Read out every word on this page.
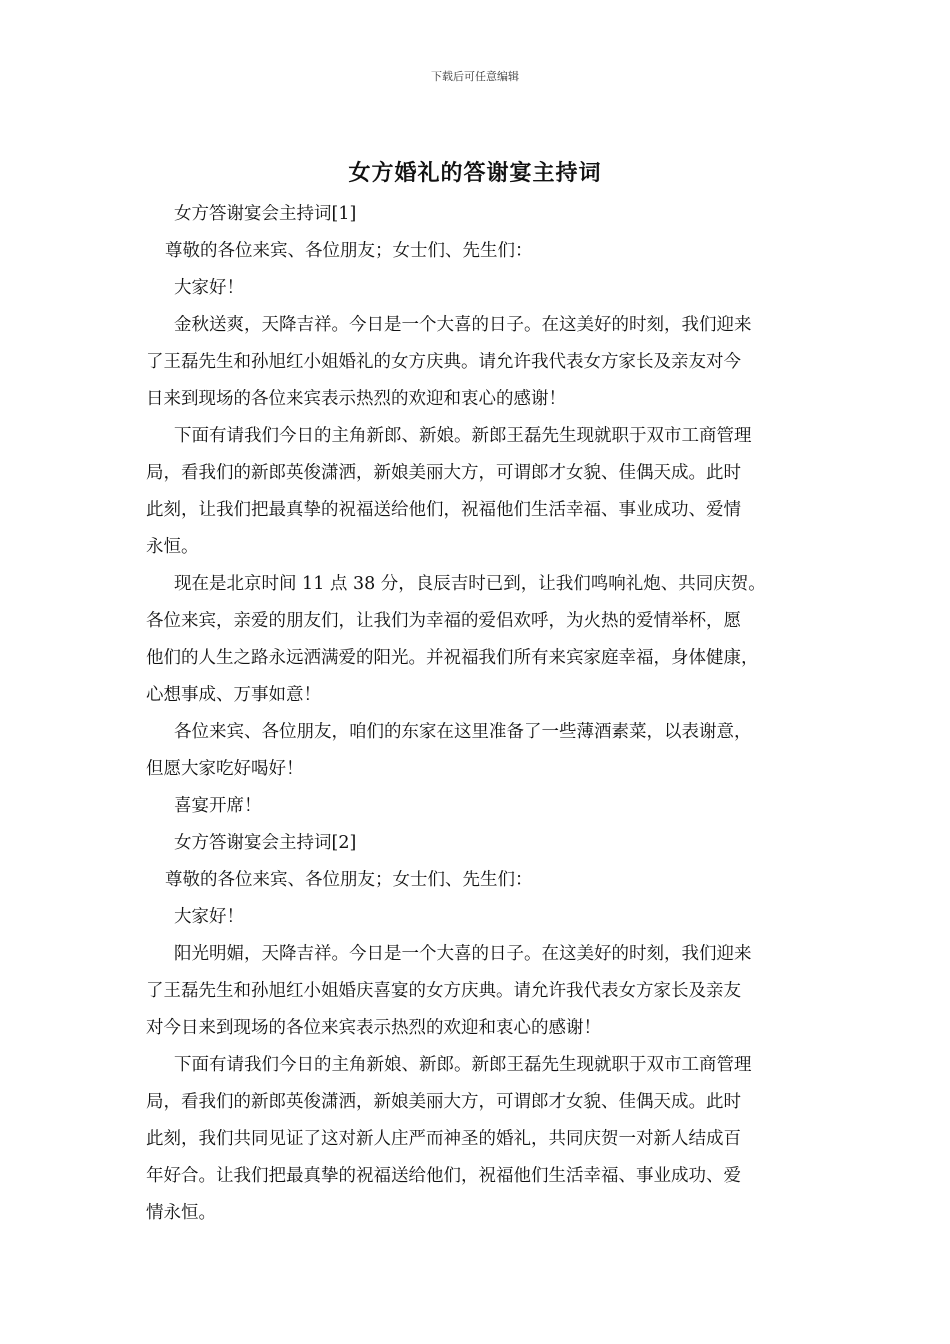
下载后可任意编辑
女方婚礼的答谢宴主持词
女方答谢宴会主持词[1]
尊敬的各位来宾、各位朋友；女士们、先生们：
大家好！
金秋送爽，天降吉祥。今日是一个大喜的日子。在这美好的时刻，我们迎来
了王磊先生和孙旭红小姐婚礼的女方庆典。请允许我代表女方家长及亲友对今
日来到现场的各位来宾表示热烈的欢迎和衷心的感谢！
下面有请我们今日的主角新郎、新娘。新郎王磊先生现就职于双市工商管理
局，看我们的新郎英俊潇洒，新娘美丽大方，可谓郎才女貌、佳偶天成。此时
此刻，让我们把最真挚的祝福送给他们，祝福他们生活幸福、事业成功、爱情
永恒。
现在是北京时间 11 点 38 分，良辰吉时已到，让我们鸣响礼炮、共同庆贺。
各位来宾，亲爱的朋友们，让我们为幸福的爱侣欢呼，为火热的爱情举杯，愿
他们的人生之路永远洒满爱的阳光。并祝福我们所有来宾家庭幸福，身体健康，
心想事成、万事如意！
各位来宾、各位朋友，咱们的东家在这里准备了一些薄酒素菜，以表谢意，
但愿大家吃好喝好！
喜宴开席！
女方答谢宴会主持词[2]
尊敬的各位来宾、各位朋友；女士们、先生们：
大家好！
阳光明媚，天降吉祥。今日是一个大喜的日子。在这美好的时刻，我们迎来
了王磊先生和孙旭红小姐婚庆喜宴的女方庆典。请允许我代表女方家长及亲友
对今日来到现场的各位来宾表示热烈的欢迎和衷心的感谢！
下面有请我们今日的主角新娘、新郎。新郎王磊先生现就职于双市工商管理
局，看我们的新郎英俊潇洒，新娘美丽大方，可谓郎才女貌、佳偶天成。此时
此刻，我们共同见证了这对新人庄严而神圣的婚礼，共同庆贺一对新人结成百
年好合。让我们把最真挚的祝福送给他们，祝福他们生活幸福、事业成功、爱
情永恒。
